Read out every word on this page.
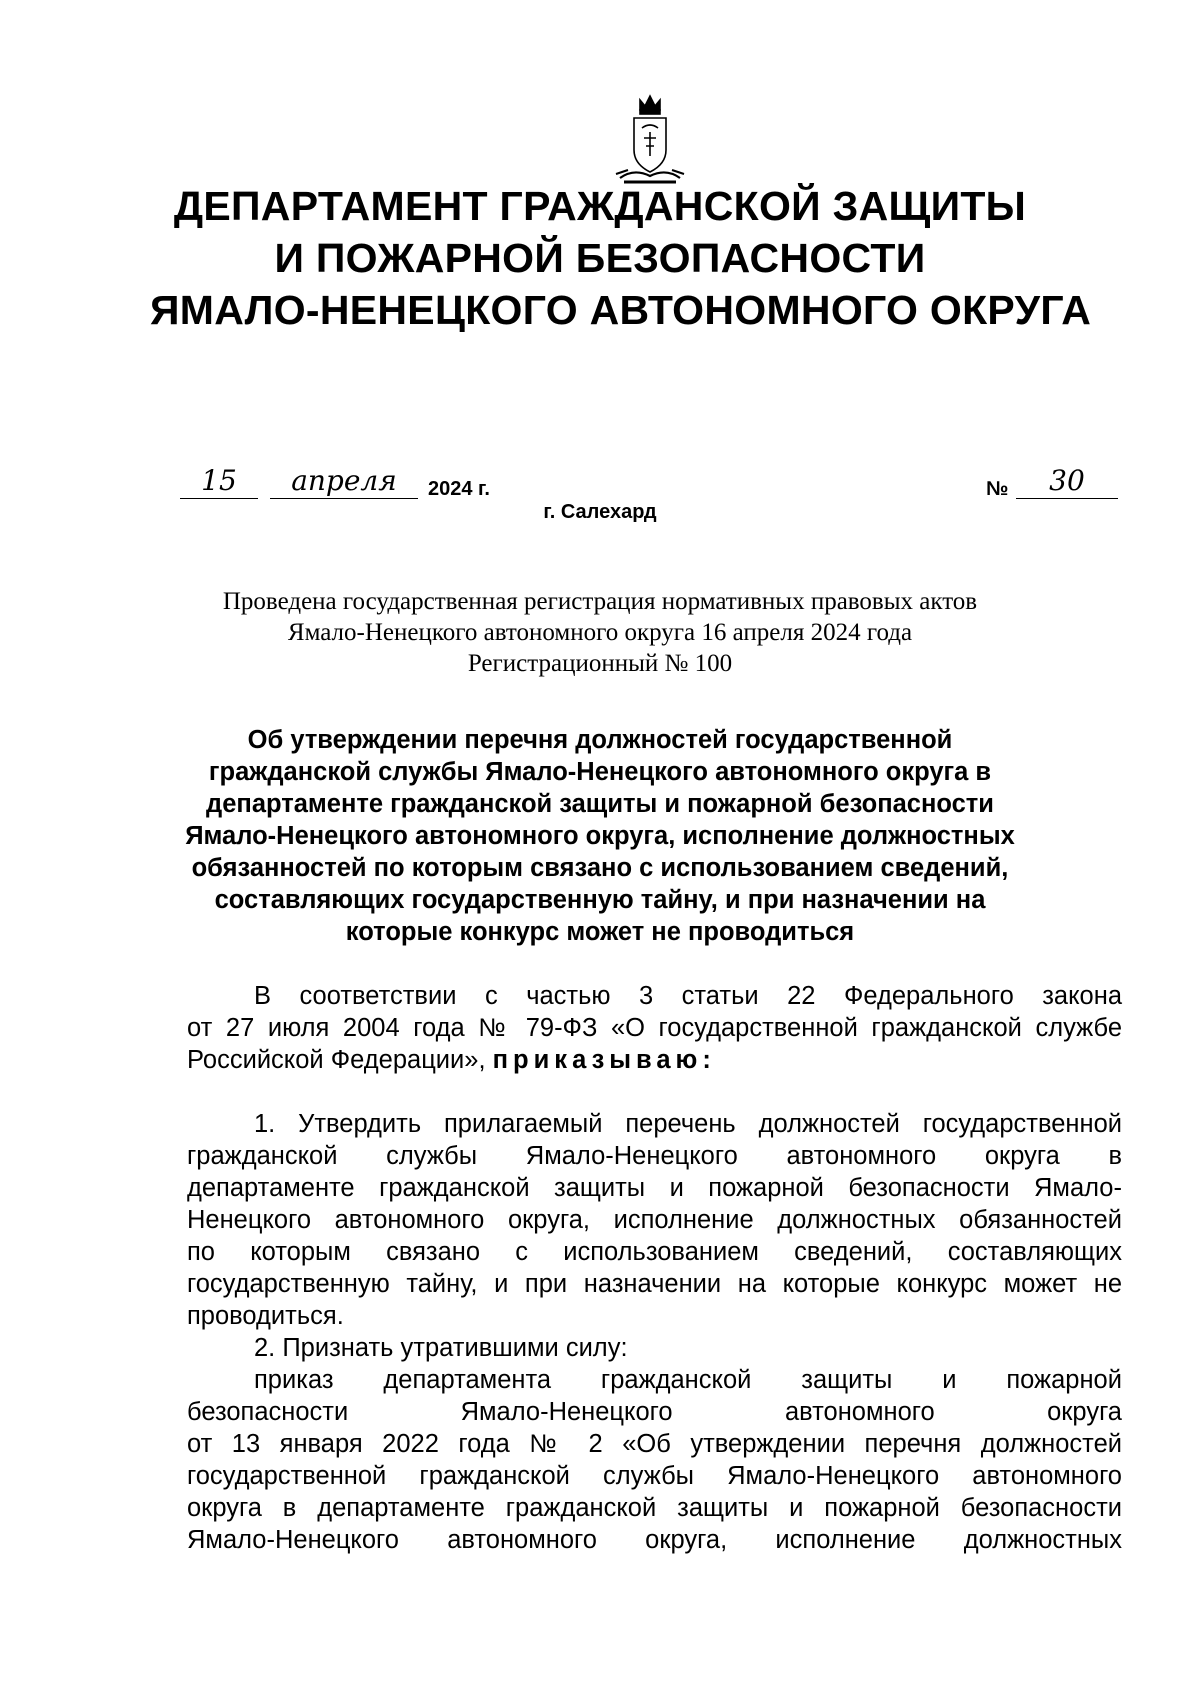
ДЕПАРТАМЕНТ ГРАЖДАНСКОЙ ЗАЩИТЫ
И ПОЖАРНОЙ БЕЗОПАСНОСТИ
ЯМАЛО-НЕНЕЦКОГО АВТОНОМНОГО ОКРУГА
15	апреля	2024 г.	№	30
г. Салехард
Проведена государственная регистрация нормативных правовых актов
Ямало-Ненецкого автономного округа 16 апреля 2024 года
Регистрационный № 100
Об утверждении перечня должностей государственной
гражданской службы Ямало-Ненецкого автономного округа в
департаменте гражданской защиты и пожарной безопасности
Ямало-Ненецкого автономного округа, исполнение должностных
обязанностей по которым связано с использованием сведений,
составляющих государственную тайну, и при назначении на
которые конкурс может не проводиться
В соответствии с частью 3 статьи 22 Федерального закона
от 27 июля 2004 года № 79-ФЗ «О государственной гражданской службе
Российской Федерации», приказываю:
1. Утвердить прилагаемый перечень должностей государственной
гражданской службы Ямало-Ненецкого автономного округа в
департаменте гражданской защиты и пожарной безопасности Ямало-
Ненецкого автономного округа, исполнение должностных обязанностей
по которым связано с использованием сведений, составляющих
государственную тайну, и при назначении на которые конкурс может не
проводиться.
2. Признать утратившими силу:
приказ департамента гражданской защиты и пожарной
безопасности Ямало-Ненецкого автономного округа
от 13 января 2022 года № 2 «Об утверждении перечня должностей
государственной гражданской службы Ямало-Ненецкого автономного
округа в департаменте гражданской защиты и пожарной безопасности
Ямало-Ненецкого автономного округа, исполнение должностных
